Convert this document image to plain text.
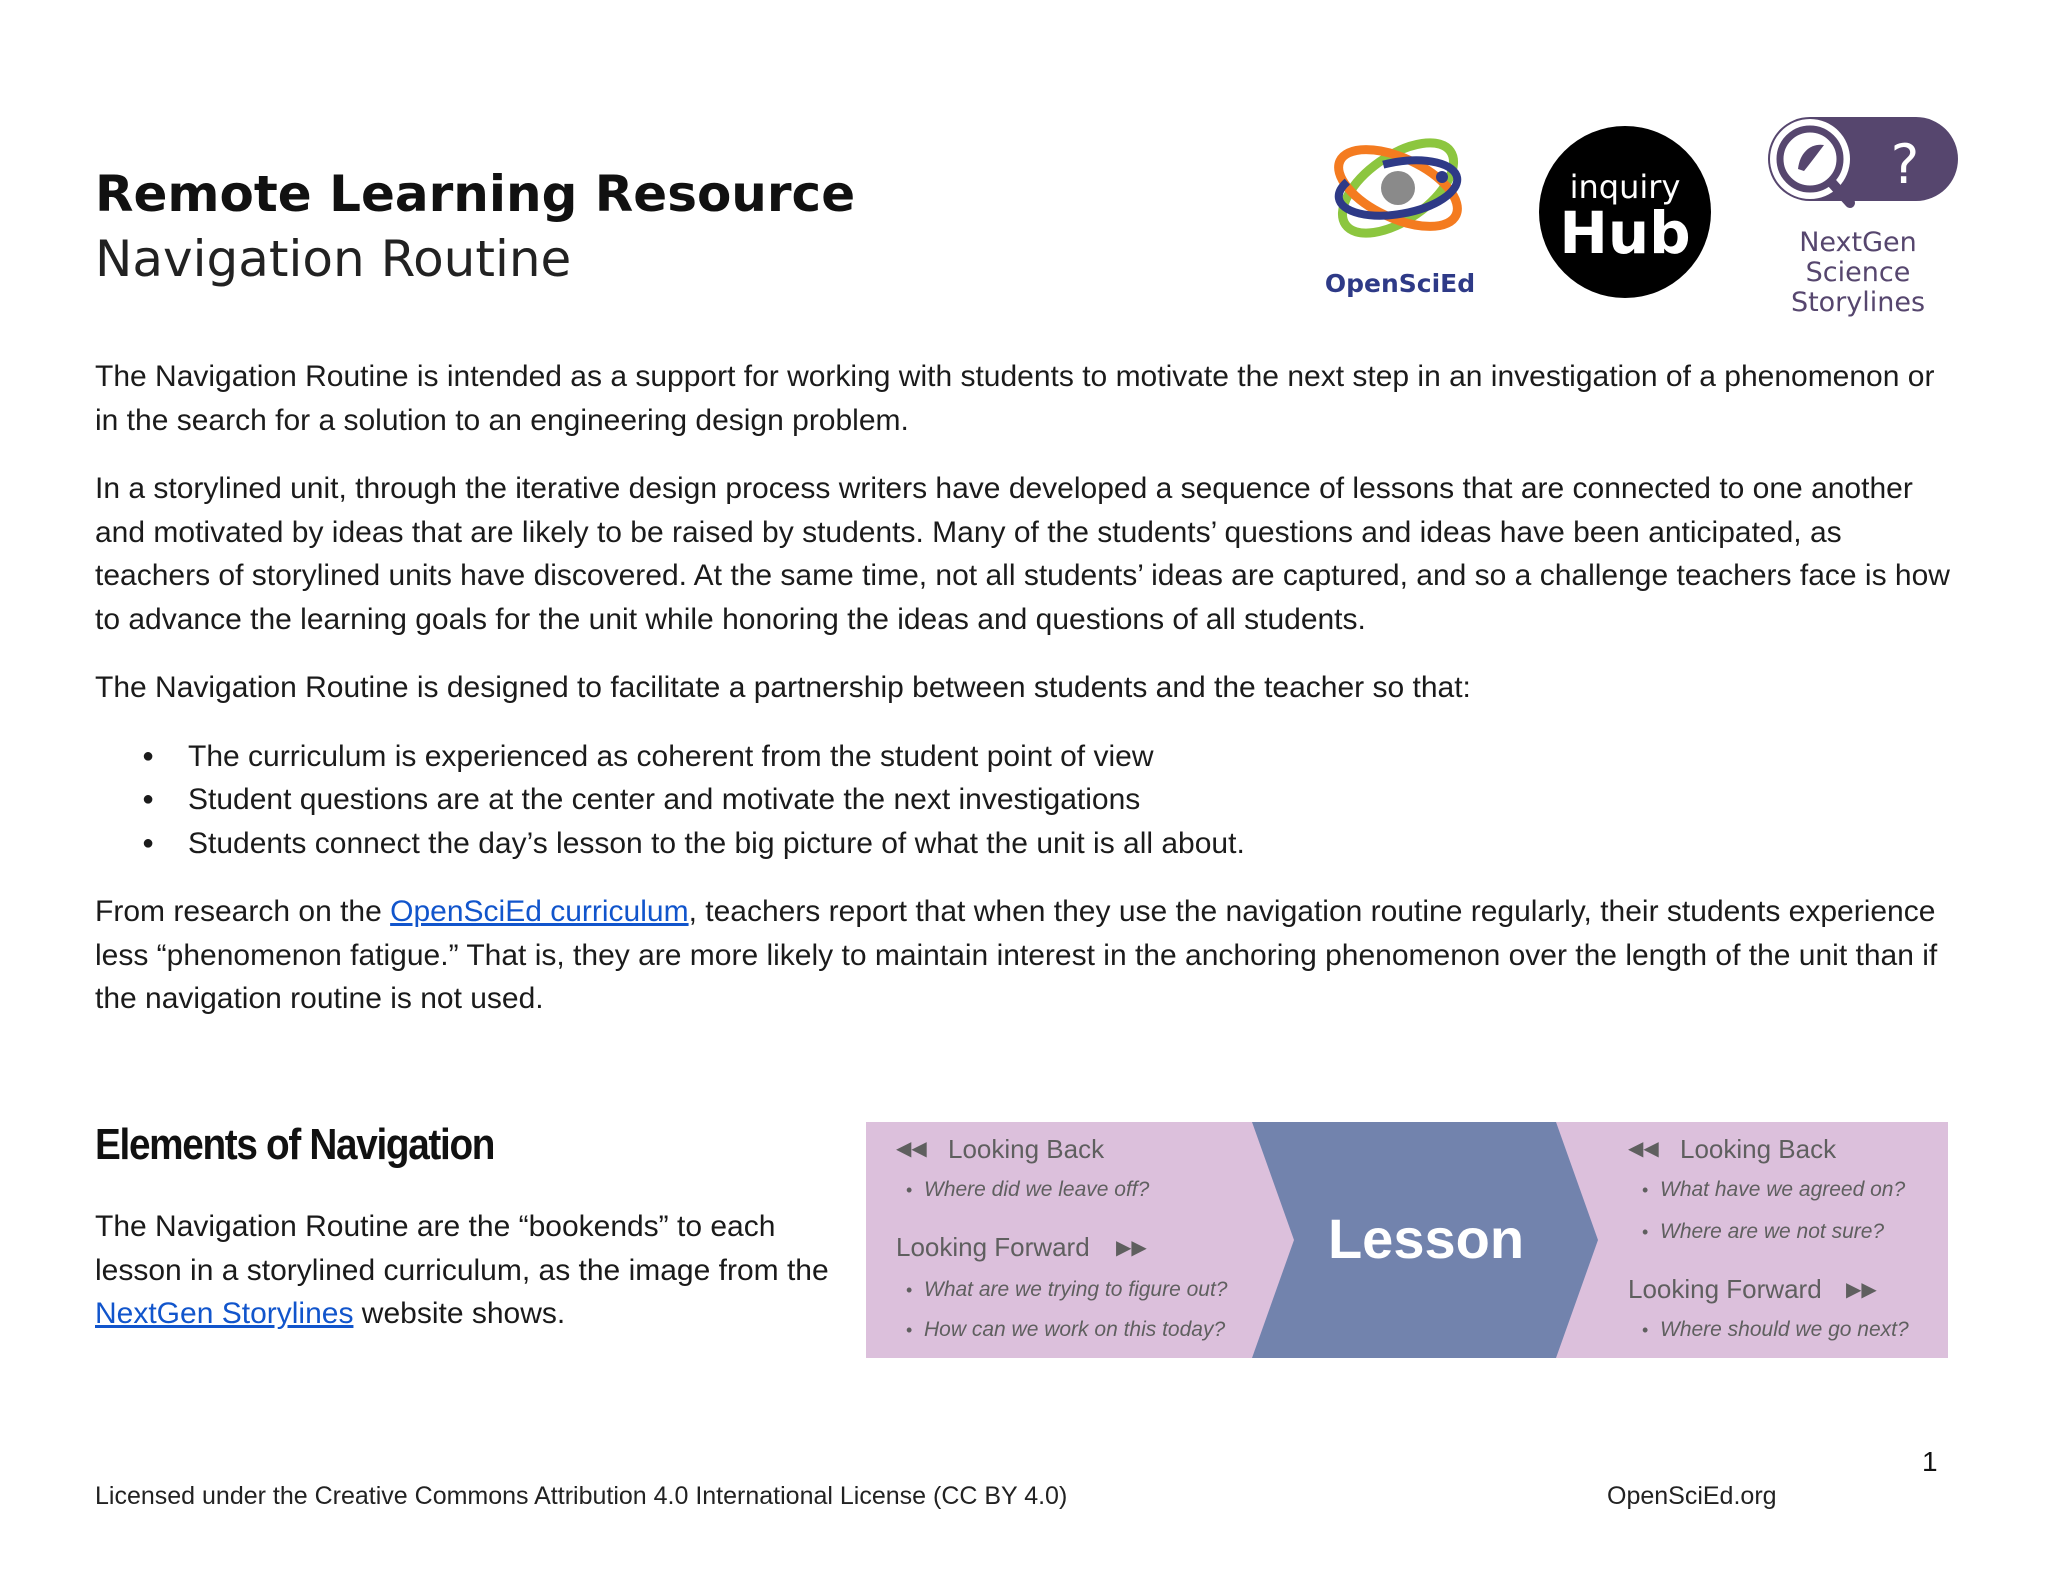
Remote Learning Resource
Navigation Routine	OpenSciEd
inquiry
Hub
?
NextGen
Science
Storylines

The Navigation Routine is intended as a support for working with students to motivate the next step in an investigation of a phenomenon or in the search for a solution to an engineering design problem.

In a storylined unit, through the iterative design process writers have developed a sequence of lessons that are connected to one another and motivated by ideas that are likely to be raised by students. Many of the students’ questions and ideas have been anticipated, as teachers of storylined units have discovered. At the same time, not all students’ ideas are captured, and so a challenge teachers face is how to advance the learning goals for the unit while honoring the ideas and questions of all students.

The Navigation Routine is designed to facilitate a partnership between students and the teacher so that:

● The curriculum is experienced as coherent from the student point of view
● Student questions are at the center and motivate the next investigations
● Students connect the day’s lesson to the big picture of what the unit is all about.

From research on the OpenSciEd curriculum, teachers report that when they use the navigation routine regularly, their students experience less “phenomenon fatigue.” That is, they are more likely to maintain interest in the anchoring phenomenon over the length of the unit than if the navigation routine is not used.

Elements of Navigation

The Navigation Routine are the “bookends” to each lesson in a storylined curriculum, as the image from the NextGen Storylines website shows.

Lesson
◀◀ Looking Back
• Where did we leave off?
Looking Forward ▶▶
• What are we trying to figure out?
• How can we work on this today?
◀◀ Looking Back
• What have we agreed on?
• Where are we not sure?
Looking Forward ▶▶
• Where should we go next?
1
Licensed under the Creative Commons Attribution 4.0 International License (CC BY 4.0)	OpenSciEd.org
